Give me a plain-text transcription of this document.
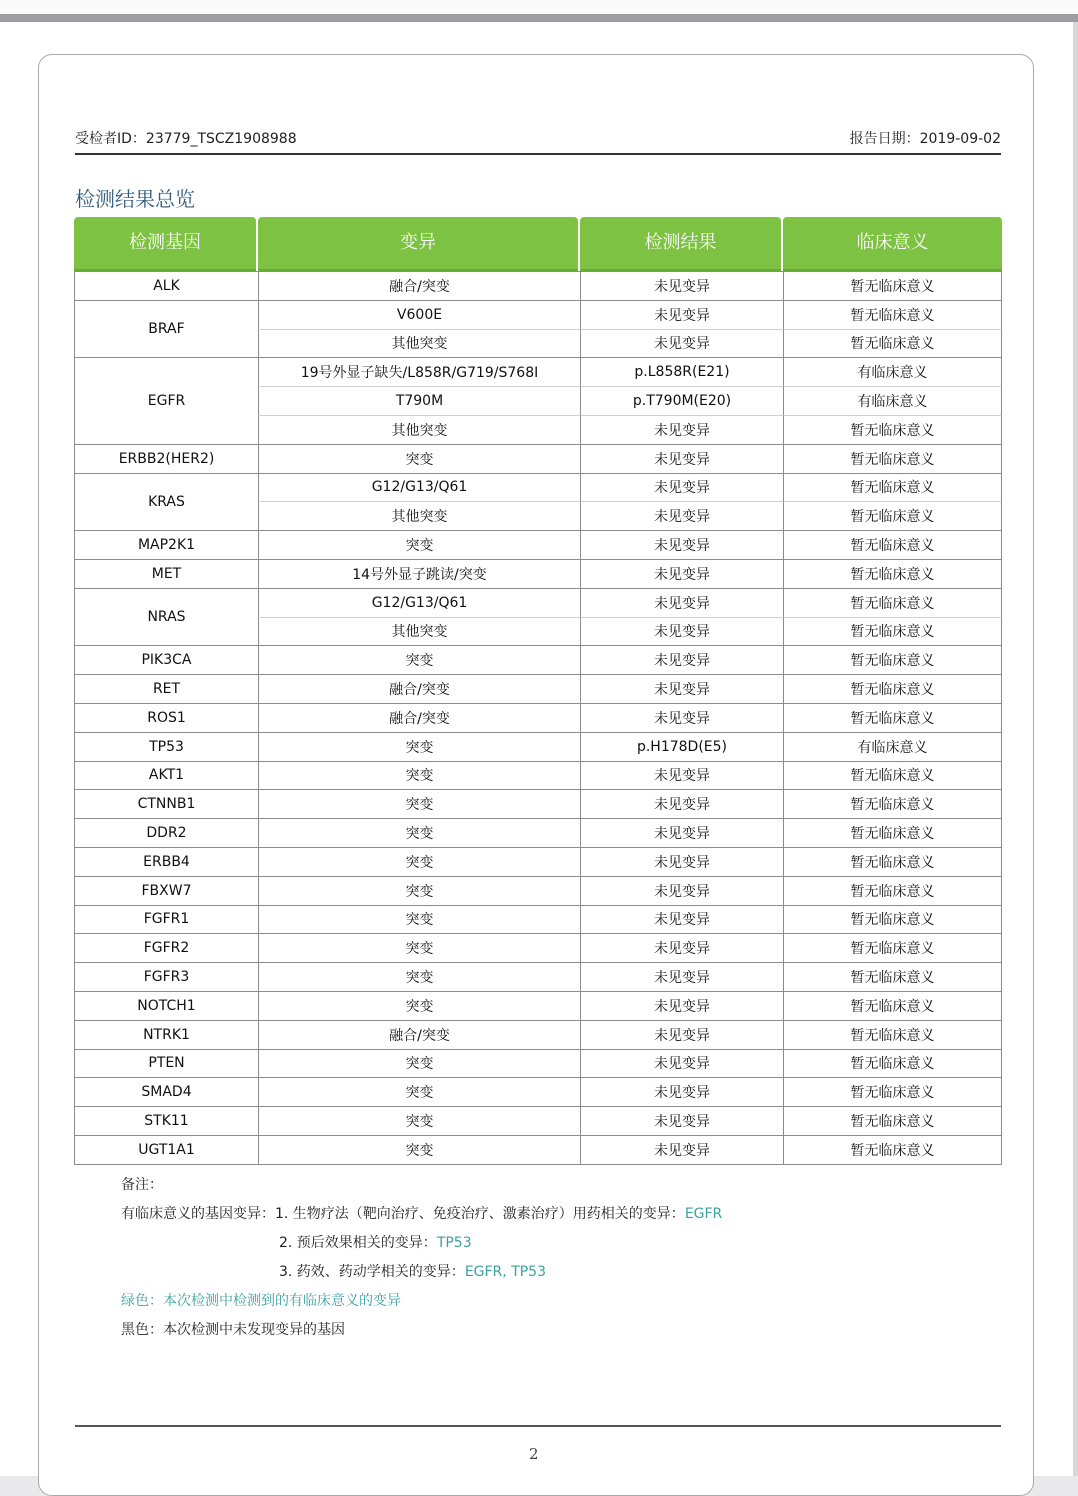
受检者ID：23779_TSCZ1908988	报告日期：2019-09-02
检测结果总览
检测基因	变异	检测结果	临床意义

ALK	融合/突变	未见变异	暂无临床意义
BRAF	V600E	未见变异	暂无临床意义
	其他突变	未见变异	暂无临床意义
EGFR	19号外显子缺失/L858R/G719/S768I	p.L858R(E21)	有临床意义
	T790M	p.T790M(E20)	有临床意义
	其他突变	未见变异	暂无临床意义
ERBB2(HER2)	突变	未见变异	暂无临床意义
KRAS	G12/G13/Q61	未见变异	暂无临床意义
	其他突变	未见变异	暂无临床意义
MAP2K1	突变	未见变异	暂无临床意义
MET	14号外显子跳读/突变	未见变异	暂无临床意义
NRAS	G12/G13/Q61	未见变异	暂无临床意义
	其他突变	未见变异	暂无临床意义
PIK3CA	突变	未见变异	暂无临床意义
RET	融合/突变	未见变异	暂无临床意义
ROS1	融合/突变	未见变异	暂无临床意义
TP53	突变	p.H178D(E5)	有临床意义
AKT1	突变	未见变异	暂无临床意义
CTNNB1	突变	未见变异	暂无临床意义
DDR2	突变	未见变异	暂无临床意义
ERBB4	突变	未见变异	暂无临床意义
FBXW7	突变	未见变异	暂无临床意义
FGFR1	突变	未见变异	暂无临床意义
FGFR2	突变	未见变异	暂无临床意义
FGFR3	突变	未见变异	暂无临床意义
NOTCH1	突变	未见变异	暂无临床意义
NTRK1	融合/突变	未见变异	暂无临床意义
PTEN	突变	未见变异	暂无临床意义
SMAD4	突变	未见变异	暂无临床意义
STK11	突变	未见变异	暂无临床意义
UGT1A1	突变	未见变异	暂无临床意义
备注：
有临床意义的基因变异：1. 生物疗法（靶向治疗、免疫治疗、激素治疗）用药相关的变异：EGFR
2. 预后效果相关的变异：TP53
3. 药效、药动学相关的变异：EGFR, TP53
绿色：本次检测中检测到的有临床意义的变异
黑色：本次检测中未发现变异的基因
2
